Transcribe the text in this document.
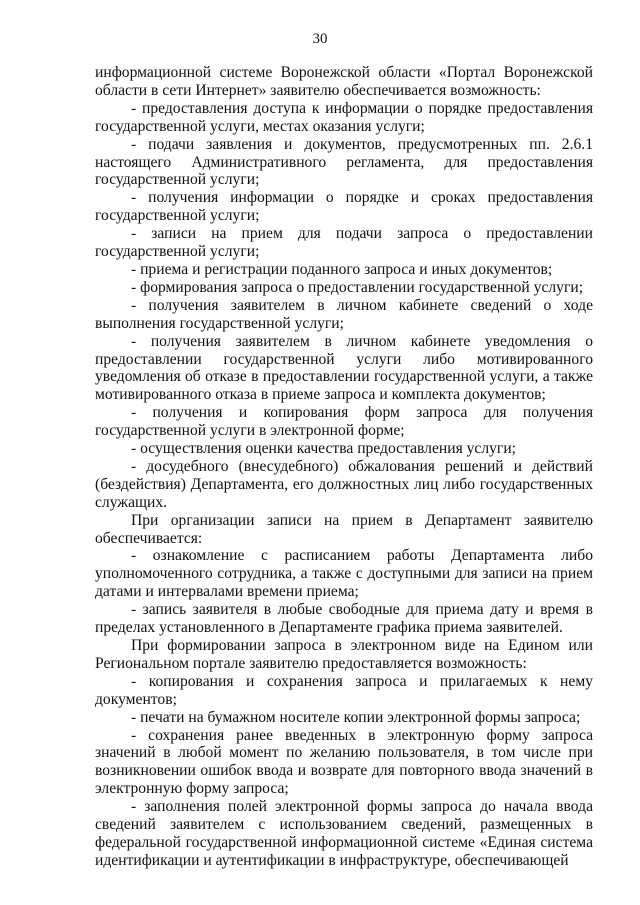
30

информационной системе Воронежской области «Портал Воронежской области в сети Интернет» заявителю обеспечивается возможность:

- предоставления доступа к информации о порядке предоставления государственной услуги, местах оказания услуги;

- подачи заявления и документов, предусмотренных пп. 2.6.1 настоящего Административного регламента, для предоставления государственной услуги;

- получения информации о порядке и сроках предоставления государственной услуги;

- записи на прием для подачи запроса о предоставлении государственной услуги;

- приема и регистрации поданного запроса и иных документов;

- формирования запроса о предоставлении государственной услуги;

- получения заявителем в личном кабинете сведений о ходе выполнения государственной услуги;

- получения заявителем в личном кабинете уведомления о предоставлении государственной услуги либо мотивированного уведомления об отказе в предоставлении государственной услуги, а также мотивированного отказа в приеме запроса и комплекта документов;

- получения и копирования форм запроса для получения государственной услуги в электронной форме;

- осуществления оценки качества предоставления услуги;

- досудебного (внесудебного) обжалования решений и действий (бездействия) Департамента, его должностных лиц либо государственных служащих.

При организации записи на прием в Департамент заявителю обеспечивается:

- ознакомление с расписанием работы Департамента либо уполномоченного сотрудника, а также с доступными для записи на прием датами и интервалами времени приема;

- запись заявителя в любые свободные для приема дату и время в пределах установленного в Департаменте графика приема заявителей.

При формировании запроса в электронном виде на Едином или Региональном портале заявителю предоставляется возможность:

- копирования и сохранения запроса и прилагаемых к нему документов;

- печати на бумажном носителе копии электронной формы запроса;

- сохранения ранее введенных в электронную форму запроса значений в любой момент по желанию пользователя, в том числе при возникновении ошибок ввода и возврате для повторного ввода значений в электронную форму запроса;

- заполнения полей электронной формы запроса до начала ввода сведений заявителем с использованием сведений, размещенных в федеральной государственной информационной системе «Единая система идентификации и аутентификации в инфраструктуре, обеспечивающей
